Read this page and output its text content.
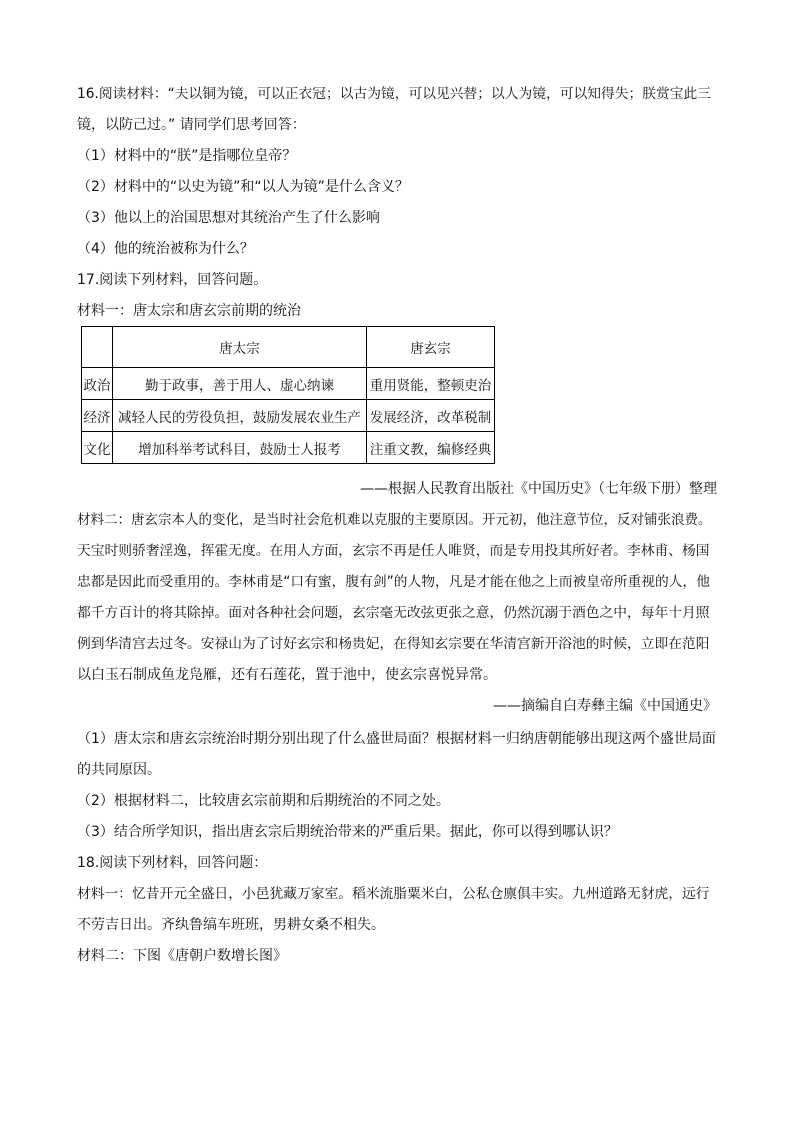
16.阅读材料：“夫以铜为镜，可以正衣冠；以古为镜，可以见兴替；以人为镜，可以知得失；朕赏宝此三
镜，以防己过。” 请同学们思考回答：
（1）材料中的“朕”是指哪位皇帝？
（2）材料中的“以史为镜”和“以人为镜”是什么含义？
（3）他以上的治国思想对其统治产生了什么影响
（4）他的统治被称为什么？
17.阅读下列材料，回答问题。
材料一：唐太宗和唐玄宗前期的统治
	唐太宗	唐玄宗
政治	勤于政事，善于用人、虚心纳谏	重用贤能，整顿吏治
经济	减轻人民的劳役负担，鼓励发展农业生产	发展经济，改革税制
文化	增加科举考试科目，鼓励士人报考	注重文教，编修经典
——根据人民教育出版社《中国历史》（七年级下册）整理
材料二：唐玄宗本人的变化，是当时社会危机难以克服的主要原因。开元初，他注意节位，反对铺张浪费。
天宝时则骄奢淫逸，挥霍无度。在用人方面，玄宗不再是任人唯贤，而是专用投其所好者。李林甫、杨国
忠都是因此而受重用的。李林甫是“口有蜜，腹有剑”的人物，凡是才能在他之上而被皇帝所重视的人，他
都千方百计的将其除掉。面对各种社会问题，玄宗毫无改弦更张之意，仍然沉溺于酒色之中，每年十月照
例到华清宫去过冬。安禄山为了讨好玄宗和杨贵妃，在得知玄宗要在华清宫新开浴池的时候，立即在范阳
以白玉石制成鱼龙凫雁，还有石莲花，置于池中，使玄宗喜悦异常。
——摘编自白寿彝主编《中国通史》
（1）唐太宗和唐玄宗统治时期分别出现了什么盛世局面？根据材料一归纳唐朝能够出现这两个盛世局面
的共同原因。
（2）根据材料二，比较唐玄宗前期和后期统治的不同之处。
（3）结合所学知识，指出唐玄宗后期统治带来的严重后果。据此，你可以得到哪认识？
18.阅读下列材料，回答问题：
材料一：忆昔开元全盛日，小邑犹藏万家室。稻米流脂粟米白，公私仓廪俱丰实。九州道路无豺虎，远行
不劳吉日出。齐纨鲁缟车班班，男耕女桑不相失。
材料二：下图《唐朝户数增长图》
